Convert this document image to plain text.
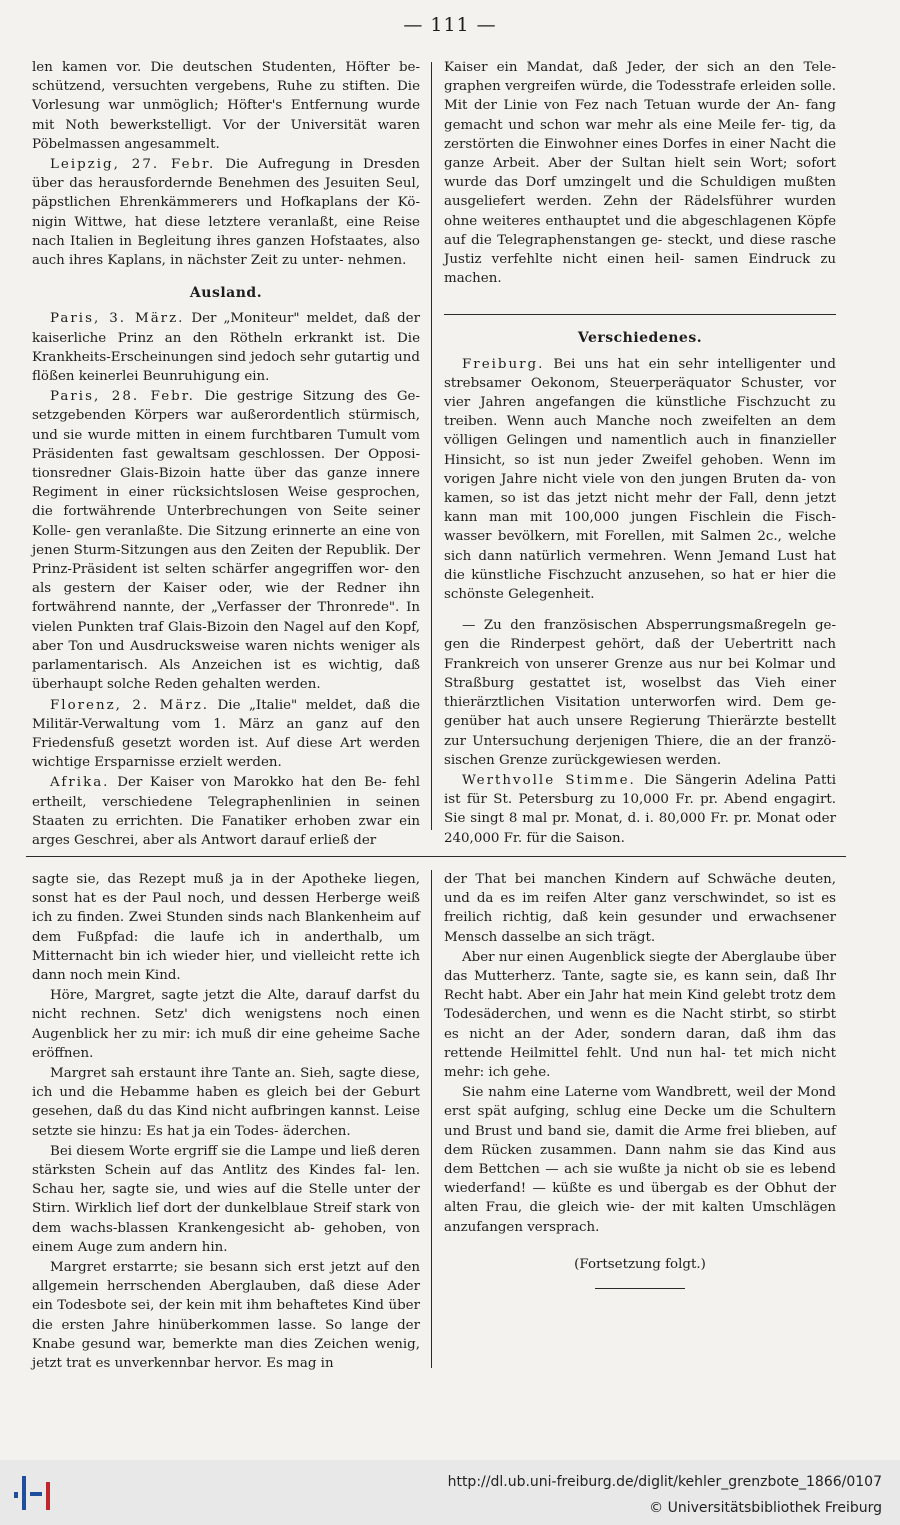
— 111 —

len kamen vor. Die deutschen Studenten, Höfter be- schützend, versuchten vergebens, Ruhe zu stiften. Die Vorlesung war unmöglich; Höfter's Entfernung wurde mit Noth bewerkstelligt. Vor der Universität waren Pöbelmassen angesammelt.

Leipzig, 27. Febr. Die Aufregung in Dresden über das herausfordernde Benehmen des Jesuiten Seul, päpstlichen Ehrenkämmerers und Hofkaplans der Kö- nigin Wittwe, hat diese letztere veranlaßt, eine Reise nach Italien in Begleitung ihres ganzen Hofstaates, also auch ihres Kaplans, in nächster Zeit zu unter- nehmen.

Ausland.

Paris, 3. März. Der „Moniteur" meldet, daß der kaiserliche Prinz an den Rötheln erkrankt ist. Die Krankheits-Erscheinungen sind jedoch sehr gutartig und flößen keinerlei Beunruhigung ein.

Paris, 28. Febr. Die gestrige Sitzung des Ge- setzgebenden Körpers war außerordentlich stürmisch, und sie wurde mitten in einem furchtbaren Tumult vom Präsidenten fast gewaltsam geschlossen. Der Opposi- tionsredner Glais-Bizoin hatte über das ganze innere Regiment in einer rücksichtslosen Weise gesprochen, die fortwährende Unterbrechungen von Seite seiner Kolle- gen veranlaßte. Die Sitzung erinnerte an eine von jenen Sturm-Sitzungen aus den Zeiten der Republik. Der Prinz-Präsident ist selten schärfer angegriffen wor- den als gestern der Kaiser oder, wie der Redner ihn fortwährend nannte, der „Verfasser der Thronrede". In vielen Punkten traf Glais-Bizoin den Nagel auf den Kopf, aber Ton und Ausdrucksweise waren nichts weniger als parlamentarisch. Als Anzeichen ist es wichtig, daß überhaupt solche Reden gehalten werden.

Florenz, 2. März. Die „Italie" meldet, daß die Militär-Verwaltung vom 1. März an ganz auf den Friedensfuß gesetzt worden ist. Auf diese Art werden wichtige Ersparnisse erzielt werden.

Afrika. Der Kaiser von Marokko hat den Be- fehl ertheilt, verschiedene Telegraphenlinien in seinen Staaten zu errichten. Die Fanatiker erhoben zwar ein arges Geschrei, aber als Antwort darauf erließ der

Kaiser ein Mandat, daß Jeder, der sich an den Tele- graphen vergreifen würde, die Todesstrafe erleiden solle. Mit der Linie von Fez nach Tetuan wurde der An- fang gemacht und schon war mehr als eine Meile fer- tig, da zerstörten die Einwohner eines Dorfes in einer Nacht die ganze Arbeit. Aber der Sultan hielt sein Wort; sofort wurde das Dorf umzingelt und die Schuldigen mußten ausgeliefert werden. Zehn der Rädelsführer wurden ohne weiteres enthauptet und die abgeschlagenen Köpfe auf die Telegraphenstangen ge- steckt, und diese rasche Justiz verfehlte nicht einen heil- samen Eindruck zu machen.

Verschiedenes.

Freiburg. Bei uns hat ein sehr intelligenter und strebsamer Oekonom, Steuerperäquator Schuster, vor vier Jahren angefangen die künstliche Fischzucht zu treiben. Wenn auch Manche noch zweifelten an dem völligen Gelingen und namentlich auch in finanzieller Hinsicht, so ist nun jeder Zweifel gehoben. Wenn im vorigen Jahre nicht viele von den jungen Bruten da- von kamen, so ist das jetzt nicht mehr der Fall, denn jetzt kann man mit 100,000 jungen Fischlein die Fisch- wasser bevölkern, mit Forellen, mit Salmen 2c., welche sich dann natürlich vermehren. Wenn Jemand Lust hat die künstliche Fischzucht anzusehen, so hat er hier die schönste Gelegenheit.

— Zu den französischen Absperrungsmaßregeln ge- gen die Rinderpest gehört, daß der Uebertritt nach Frankreich von unserer Grenze aus nur bei Kolmar und Straßburg gestattet ist, woselbst das Vieh einer thierärztlichen Visitation unterworfen wird. Dem ge- genüber hat auch unsere Regierung Thierärzte bestellt zur Untersuchung derjenigen Thiere, die an der franzö- sischen Grenze zurückgewiesen werden.

Werthvolle Stimme. Die Sängerin Adelina Patti ist für St. Petersburg zu 10,000 Fr. pr. Abend engagirt. Sie singt 8 mal pr. Monat, d. i. 80,000 Fr. pr. Monat oder 240,000 Fr. für die Saison.

sagte sie, das Rezept muß ja in der Apotheke liegen, sonst hat es der Paul noch, und dessen Herberge weiß ich zu finden. Zwei Stunden sinds nach Blankenheim auf dem Fußpfad: die laufe ich in anderthalb, um Mitternacht bin ich wieder hier, und vielleicht rette ich dann noch mein Kind.

Höre, Margret, sagte jetzt die Alte, darauf darfst du nicht rechnen. Setz' dich wenigstens noch einen Augenblick her zu mir: ich muß dir eine geheime Sache eröffnen.

Margret sah erstaunt ihre Tante an. Sieh, sagte diese, ich und die Hebamme haben es gleich bei der Geburt gesehen, daß du das Kind nicht aufbringen kannst. Leise setzte sie hinzu: Es hat ja ein Todes- äderchen.

Bei diesem Worte ergriff sie die Lampe und ließ deren stärksten Schein auf das Antlitz des Kindes fal- len. Schau her, sagte sie, und wies auf die Stelle unter der Stirn. Wirklich lief dort der dunkelblaue Streif stark von dem wachs-blassen Krankengesicht ab- gehoben, von einem Auge zum andern hin.

Margret erstarrte; sie besann sich erst jetzt auf den allgemein herrschenden Aberglauben, daß diese Ader ein Todesbote sei, der kein mit ihm behaftetes Kind über die ersten Jahre hinüberkommen lasse. So lange der Knabe gesund war, bemerkte man dies Zeichen wenig, jetzt trat es unverkennbar hervor. Es mag in

der That bei manchen Kindern auf Schwäche deuten, und da es im reifen Alter ganz verschwindet, so ist es freilich richtig, daß kein gesunder und erwachsener Mensch dasselbe an sich trägt.

Aber nur einen Augenblick siegte der Aberglaube über das Mutterherz. Tante, sagte sie, es kann sein, daß Ihr Recht habt. Aber ein Jahr hat mein Kind gelebt trotz dem Todesäderchen, und wenn es die Nacht stirbt, so stirbt es nicht an der Ader, sondern daran, daß ihm das rettende Heilmittel fehlt. Und nun hal- tet mich nicht mehr: ich gehe.

Sie nahm eine Laterne vom Wandbrett, weil der Mond erst spät aufging, schlug eine Decke um die Schultern und Brust und band sie, damit die Arme frei blieben, auf dem Rücken zusammen. Dann nahm sie das Kind aus dem Bettchen — ach sie wußte ja nicht ob sie es lebend wiederfand! — küßte es und übergab es der Obhut der alten Frau, die gleich wie- der mit kalten Umschlägen anzufangen versprach.

(Fortsetzung folgt.)
http://dl.ub.uni-freiburg.de/diglit/kehler_grenzbote_1866/0107
© Universitätsbibliothek Freiburg
